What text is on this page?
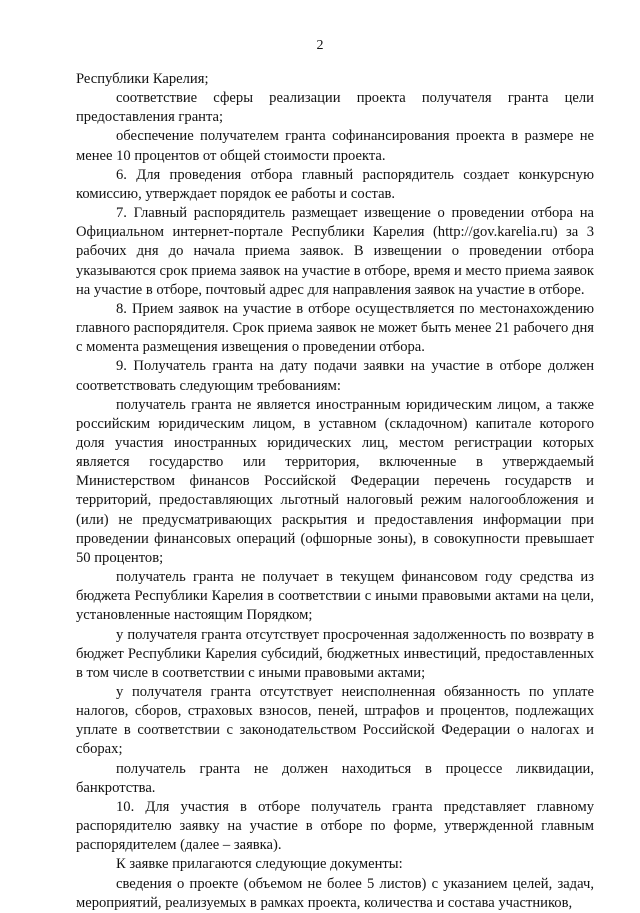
2

Республики Карелия;

соответствие сферы реализации проекта получателя гранта цели предоставления гранта;

обеспечение получателем гранта софинансирования проекта в размере не менее 10 процентов от общей стоимости проекта.

6. Для проведения отбора главный распорядитель создает конкурсную комиссию, утверждает порядок ее работы и состав.

7. Главный распорядитель размещает извещение о проведении отбора на Официальном интернет-портале Республики Карелия (http://gov.karelia.ru) за 3 рабочих дня до начала приема заявок. В извещении о проведении отбора указываются срок приема заявок на участие в отборе, время и место приема заявок на участие в отборе, почтовый адрес для направления заявок на участие в отборе.

8. Прием заявок на участие в отборе осуществляется по местонахождению главного распорядителя. Срок приема заявок не может быть менее 21 рабочего дня с момента размещения извещения о проведении отбора.

9. Получатель гранта на дату подачи заявки на участие в отборе должен соответствовать следующим требованиям:

получатель гранта не является иностранным юридическим лицом, а также российским юридическим лицом, в уставном (складочном) капитале которого доля участия иностранных юридических лиц, местом регистрации которых является государство или территория, включенные в утверждаемый Министерством финансов Российской Федерации перечень государств и территорий, предоставляющих льготный налоговый режим налогообложения и (или) не предусматривающих раскрытия и предоставления информации при проведении финансовых операций (офшорные зоны), в совокупности превышает 50 процентов;

получатель гранта не получает в текущем финансовом году средства из бюджета Республики Карелия в соответствии с иными правовыми актами на цели, установленные настоящим Порядком;

у получателя гранта отсутствует просроченная задолженность по возврату в бюджет Республики Карелия субсидий, бюджетных инвестиций, предоставленных в том числе в соответствии с иными правовыми актами;

у получателя гранта отсутствует неисполненная обязанность по уплате налогов, сборов, страховых взносов, пеней, штрафов и процентов, подлежащих уплате в соответствии с законодательством Российской Федерации о налогах и сборах;

получатель гранта не должен находиться в процессе ликвидации, банкротства.

10. Для участия в отборе получатель гранта представляет главному распорядителю заявку на участие в отборе по форме, утвержденной главным распорядителем (далее – заявка).

К заявке прилагаются следующие документы:

сведения о проекте (объемом не более 5 листов) с указанием целей, задач, мероприятий, реализуемых в рамках проекта, количества и состава участников,
